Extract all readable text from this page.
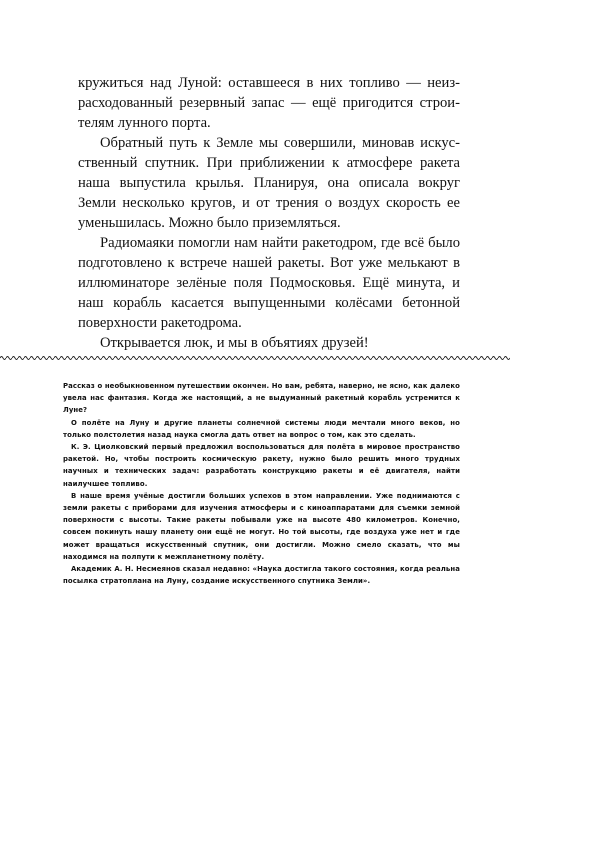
кружиться над Луной: оставшееся в них топливо — неизрасходованный резервный запас — ещё пригодится строителям лунного порта.

Обратный путь к Земле мы совершили, миновав искусственный спутник. При приближении к атмосфере ракета наша выпустила крылья. Планируя, она описала вокруг Земли несколько кругов, и от трения о воздух скорость ее уменьшилась. Можно было приземляться.

Радиомаяки помогли нам найти ракетодром, где всё было подготовлено к встрече нашей ракеты. Вот уже мелькают в иллюминаторе зелёные поля Подмосковья. Ещё минута, и наш корабль касается выпущенными колёсами бетонной поверхности ракетодрома.

Открывается люк, и мы в объятиях друзей!

Рассказ о необыкновенном путешествии окончен. Но вам, ребята, наверно, не ясно, как далеко увела нас фантазия. Когда же настоящий, а не выдуманный ракетный корабль устремится к Луне?

О полёте на Луну и другие планеты солнечной системы люди мечтали много веков, но только полстолетия назад наука смогла дать ответ на вопрос о том, как это сделать.

К. Э. Циолковский первый предложил воспользоваться для полёта в мировое пространство ракетой. Но, чтобы построить космическую ракету, нужно было решить много трудных научных и технических задач: разработать конструкцию ракеты и её двигателя, найти наилучшее топливо.

В наше время учёные достигли больших успехов в этом направлении. Уже поднимаются с земли ракеты с приборами для изучения атмосферы и с киноаппаратами для съемки земной поверхности с высоты. Такие ракеты побывали уже на высоте 480 километров. Конечно, совсем покинуть нашу планету они ещё не могут. Но той высоты, где воздуха уже нет и где может вращаться искусственный спутник, они достигли. Можно смело сказать, что мы находимся на полпути к межпланетному полёту.

Академик А. Н. Несмеянов сказал недавно: «Наука достигла такого состояния, когда реальна посылка стратоплана на Луну, создание искусственного спутника Земли».
